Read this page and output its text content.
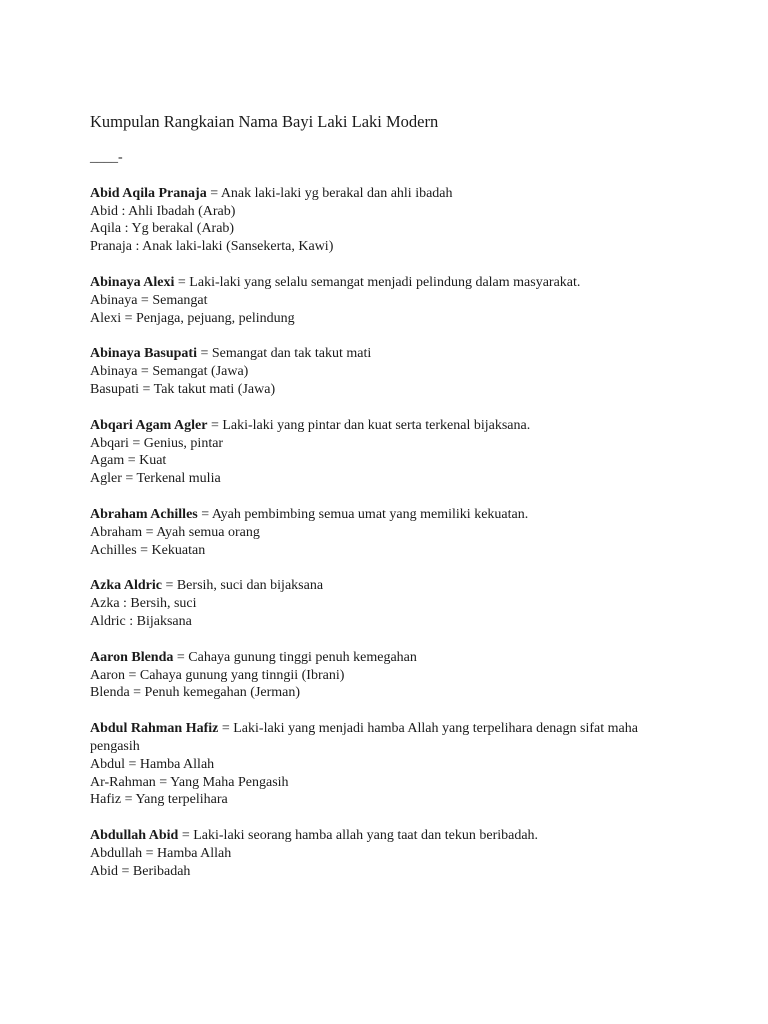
Kumpulan Rangkaian Nama Bayi Laki Laki Modern
____-

Abid Aqila Pranaja = Anak laki-laki yg berakal dan ahli ibadah

Abid : Ahli Ibadah (Arab)

Aqila : Yg berakal (Arab)

Pranaja : Anak laki-laki (Sansekerta, Kawi)

Abinaya Alexi = Laki-laki yang selalu semangat menjadi pelindung dalam masyarakat.

Abinaya = Semangat

Alexi = Penjaga, pejuang, pelindung

Abinaya Basupati = Semangat dan tak takut mati

Abinaya = Semangat (Jawa)

Basupati = Tak takut mati (Jawa)

Abqari Agam Agler = Laki-laki yang pintar dan kuat serta terkenal bijaksana.

Abqari = Genius, pintar

Agam = Kuat

Agler = Terkenal mulia

Abraham Achilles = Ayah pembimbing semua umat yang memiliki kekuatan.

Abraham = Ayah semua orang

Achilles = Kekuatan

Azka Aldric = Bersih, suci dan bijaksana

Azka : Bersih, suci

Aldric : Bijaksana

Aaron Blenda = Cahaya gunung tinggi penuh kemegahan

Aaron = Cahaya gunung yang tinngii (Ibrani)

Blenda = Penuh kemegahan (Jerman)

Abdul Rahman Hafiz = Laki-laki yang menjadi hamba Allah yang terpelihara denagn sifat maha pengasih

Abdul = Hamba Allah

Ar-Rahman = Yang Maha Pengasih

Hafiz = Yang terpelihara

Abdullah Abid = Laki-laki seorang hamba allah yang taat dan tekun beribadah.

Abdullah = Hamba Allah

Abid = Beribadah
